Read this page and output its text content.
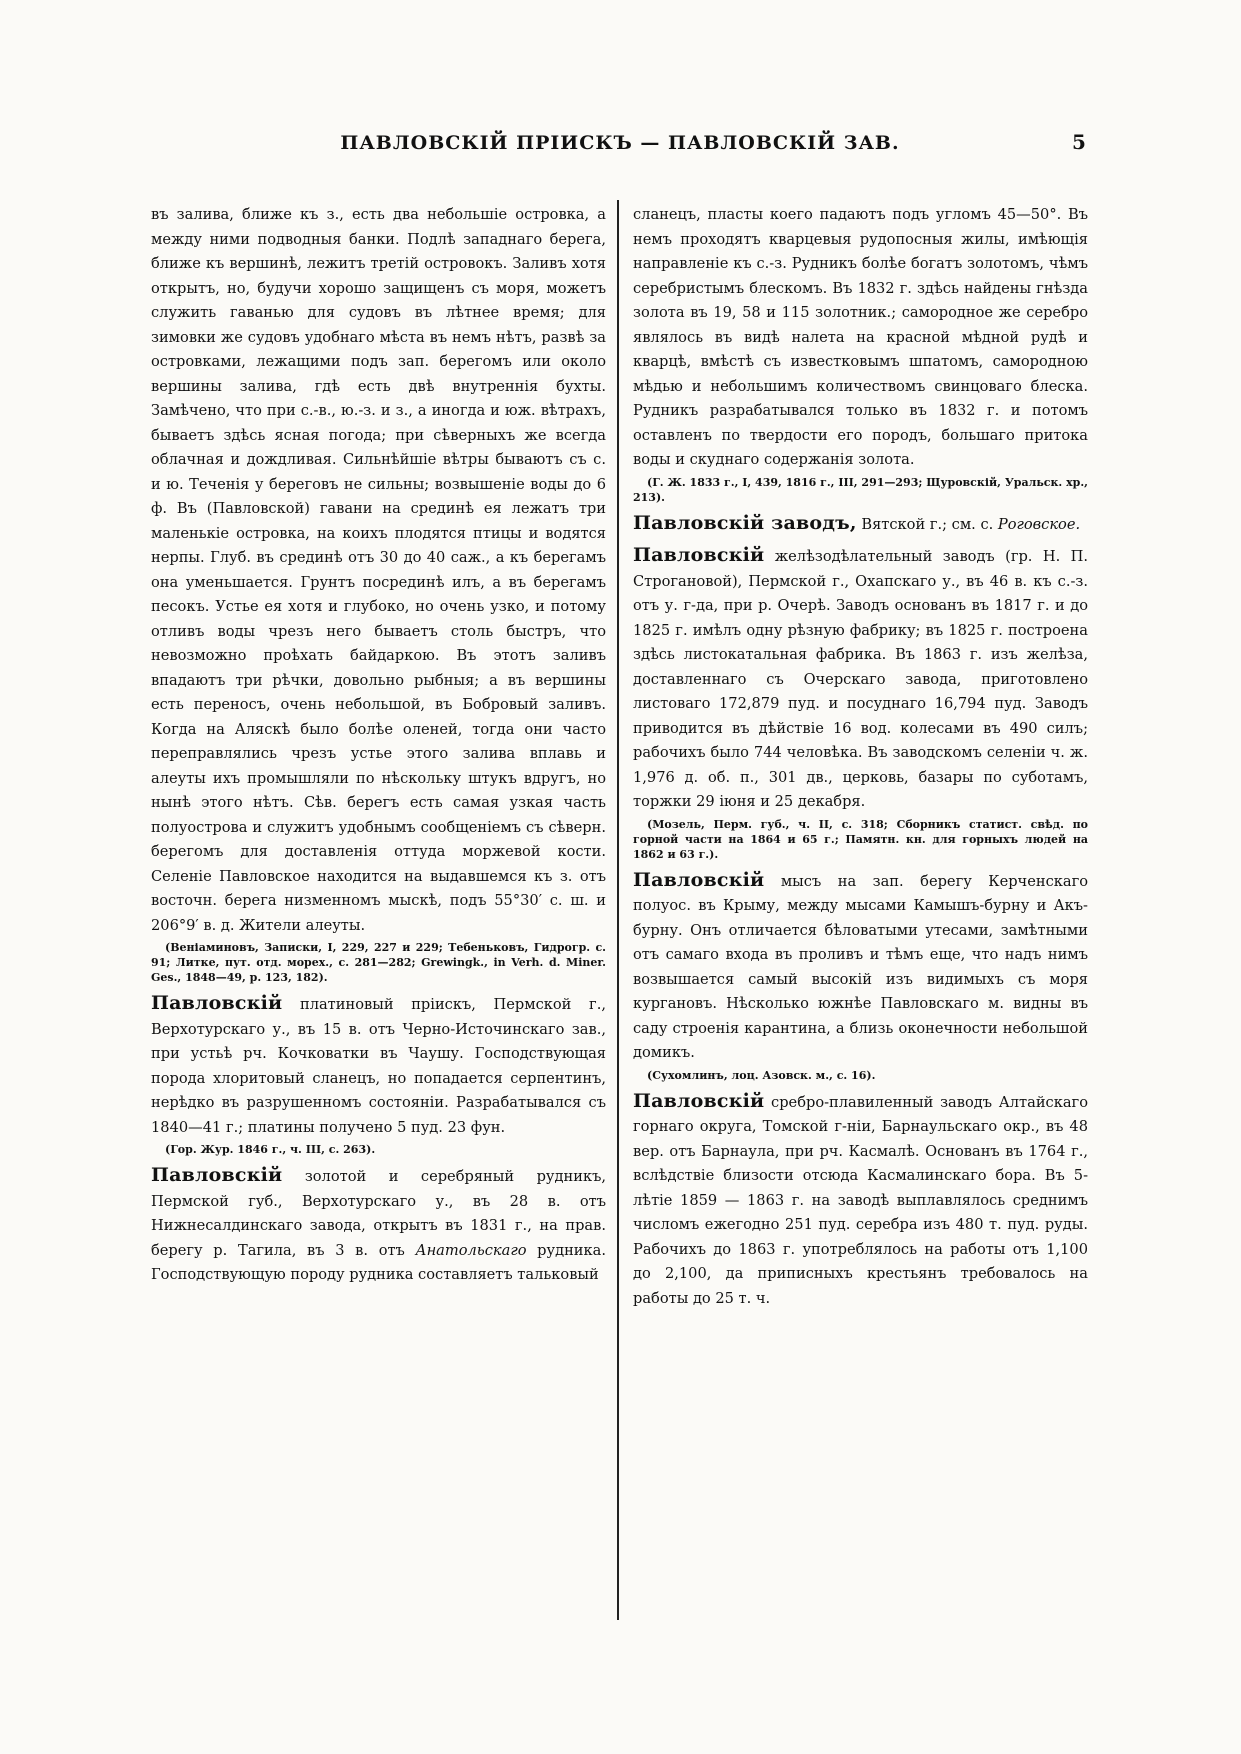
ПАВЛОВСКІЙ ПРІИСКЪ — ПАВЛОВСКІЙ ЗАВ.	5

въ залива, ближе къ з., есть два небольшіе островка, а между ними подводныя банки. Подлѣ западнаго берега, ближе къ вершинѣ, лежитъ третій островокъ. Заливъ хотя открытъ, но, будучи хорошо защищенъ съ моря, можетъ служить гаванью для судовъ въ лѣтнее время; для зимовки же судовъ удобнаго мѣста въ немъ нѣтъ, развѣ за островками, лежащими подъ зап. берегомъ или около вершины залива, гдѣ есть двѣ внутреннія бухты. Замѣчено, что при с.-в., ю.-з. и з., а иногда и юж. вѣтрахъ, бываетъ здѣсь ясная погода; при сѣверныхъ же всегда облачная и дождливая. Сильнѣйшіе вѣтры бываютъ съ с. и ю. Теченія у береговъ не сильны; возвышеніе воды до 6 ф. Въ (Павловской) гавани на срединѣ ея лежатъ три маленькіе островка, на коихъ плодятся птицы и водятся нерпы. Глуб. въ срединѣ отъ 30 до 40 саж., а къ берегамъ она уменьшается. Грунтъ посрединѣ илъ, а въ берегамъ песокъ. Устье ея хотя и глубоко, но очень узко, и потому отливъ воды чрезъ него бываетъ столь быстръ, что невозможно проѣхать байдаркою. Въ этотъ заливъ впадаютъ три рѣчки, довольно рыбныя; а въ вершины есть переносъ, очень небольшой, въ Бобровый заливъ. Когда на Аляскѣ было болѣе оленей, тогда они часто переправлялись чрезъ устье этого залива вплавь и алеуты ихъ промышляли по нѣскольку штукъ вдругъ, но нынѣ этого нѣтъ. Сѣв. берегъ есть самая узкая часть полуострова и служитъ удобнымъ сообщеніемъ съ сѣверн. берегомъ для доставленія оттуда моржевой кости. Селеніе Павловское находится на выдавшемся къ з. отъ восточн. берега низменномъ мыскѣ, подъ 55°30′ с. ш. и 206°9′ в. д. Жители алеуты.

(Веніаминовъ, Записки, I, 229, 227 и 229; Тебеньковъ, Гидрогр. с. 91; Литке, пут. отд. морех., с. 281—282; Grewingk., in Verh. d. Miner. Ges., 1848—49, p. 123, 182).

Павловскій платиновый пріискъ, Пермской г., Верхотурскаго у., въ 15 в. отъ Черно-Источинскаго зав., при устьѣ рч. Кочковатки въ Чаушу. Господствующая порода хлоритовый сланецъ, но попадается серпентинъ, нерѣдко въ разрушенномъ состояніи. Разрабатывался съ 1840—41 г.; платины получено 5 пуд. 23 фун.

(Гор. Жур. 1846 г., ч. III, с. 263).

Павловскій золотой и серебряный рудникъ, Пермской губ., Верхотурскаго у., въ 28 в. отъ Нижнесалдинскаго завода, открытъ въ 1831 г., на прав. берегу р. Тагила, въ 3 в. отъ Анатольскаго рудника. Господствующую породу рудника составляетъ тальковый

сланецъ, пласты коего падаютъ подъ угломъ 45—50°. Въ немъ проходятъ кварцевыя рудопосныя жилы, имѣющія направленіе къ с.-з. Рудникъ болѣе богатъ золотомъ, чѣмъ серебристымъ блескомъ. Въ 1832 г. здѣсь найдены гнѣзда золота въ 19, 58 и 115 золотник.; самородное же серебро являлось въ видѣ налета на красной мѣдной рудѣ и кварцѣ, вмѣстѣ съ известковымъ шпатомъ, самородною мѣдью и небольшимъ количествомъ свинцоваго блеска. Рудникъ разрабатывался только въ 1832 г. и потомъ оставленъ по твердости его породъ, большаго притока воды и скуднаго содержанія золота.

(Г. Ж. 1833 г., I, 439, 1816 г., III, 291—293; Щуровскій, Уральск. хр., 213).

Павловскій заводъ, Вятской г.; см. с. Роговское.

Павловскій желѣзодѣлательный заводъ (гр. Н. П. Строгановой), Пермской г., Охапскаго у., въ 46 в. къ с.-з. отъ у. г-да, при р. Очерѣ. Заводъ основанъ въ 1817 г. и до 1825 г. имѣлъ одну рѣзную фабрику; въ 1825 г. построена здѣсь листокатальная фабрика. Въ 1863 г. изъ желѣза, доставленнаго съ Очерскаго завода, приготовлено листоваго 172,879 пуд. и посуднаго 16,794 пуд. Заводъ приводится въ дѣйствіе 16 вод. колесами въ 490 силъ; рабочихъ было 744 человѣка. Въ заводскомъ селеніи ч. ж. 1,976 д. об. п., 301 дв., церковь, базары по суботамъ, торжки 29 іюня и 25 декабря.

(Мозель, Перм. губ., ч. II, с. 318; Сборникъ статист. свѣд. по горной части на 1864 и 65 г.; Памятн. кн. для горныхъ людей на 1862 и 63 г.).

Павловскій мысъ на зап. берегу Керченскаго полуос. въ Крыму, между мысами Камышъ-бурну и Акъ-бурну. Онъ отличается бѣловатыми утесами, замѣтными отъ самаго входа въ проливъ и тѣмъ еще, что надъ нимъ возвышается самый высокій изъ видимыхъ съ моря кургановъ. Нѣсколько южнѣе Павловскаго м. видны въ саду строенія карантина, а близь оконечности небольшой домикъ.

(Сухомлинъ, лоц. Азовск. м., с. 16).

Павловскій сребро-плавиленный заводъ Алтайскаго горнаго округа, Томской г-ніи, Барнаульскаго окр., въ 48 вер. отъ Барнаула, при рч. Касмалѣ. Основанъ въ 1764 г., вслѣдствіе близости отсюда Касмалинскаго бора. Въ 5-лѣтіе 1859 — 1863 г. на заводѣ выплавлялось среднимъ числомъ ежегодно 251 пуд. серебра изъ 480 т. пуд. руды. Рабочихъ до 1863 г. употреблялось на работы отъ 1,100 до 2,100, да приписныхъ крестьянъ требовалось на работы до 25 т. ч.
